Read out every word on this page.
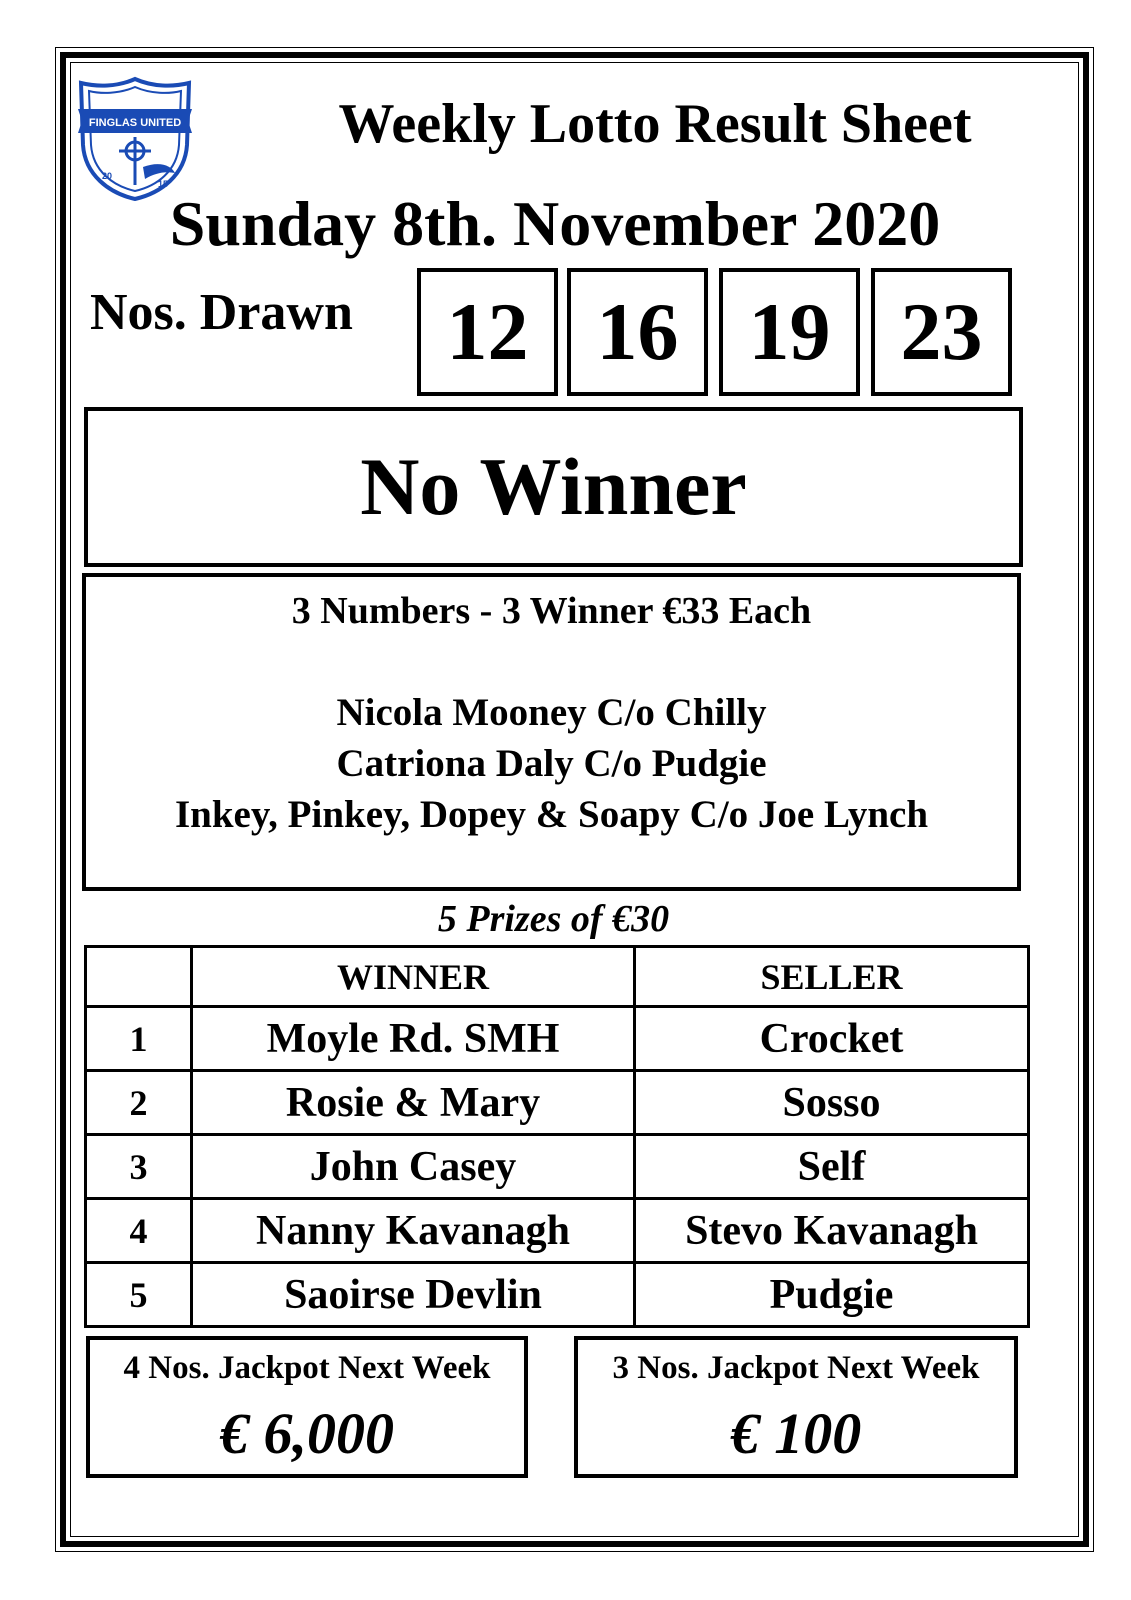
FINGLAS UNITED
20
15
Weekly Lotto Result Sheet
Sunday 8th. November 2020
Nos. Drawn	12 16 19 23
No Winner
3 Numbers - 3 Winner €33 Each
Nicola Mooney C/o Chilly
Catriona Daly C/o Pudgie
Inkey, Pinkey, Dopey & Soapy C/o Joe Lynch
5 Prizes of €30
	WINNER	SELLER
1	Moyle Rd. SMH	Crocket
2	Rosie & Mary	Sosso
3	John Casey	Self
4	Nanny Kavanagh	Stevo Kavanagh
5	Saoirse Devlin	Pudgie
4 Nos. Jackpot Next Week
€ 6,000
3 Nos. Jackpot Next Week
€ 100
